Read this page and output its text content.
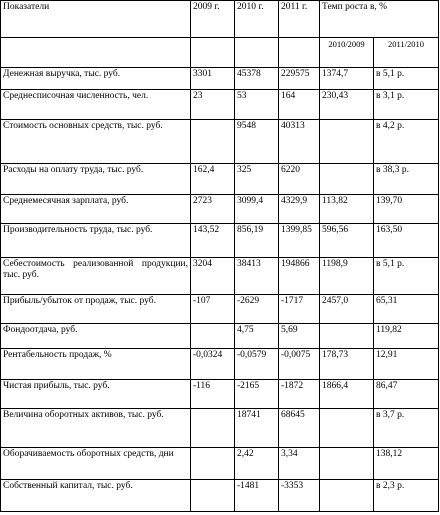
Показатели	2009 г.	2010 г.	2011 г.	Темп роста в, %	
				2010/2009	2011/2010
Денежная выручка, тыс. руб.	3301	45378	229575	1374,7	в 5,1 р.
Среднесписочная численность, чел.	23	53	164	230,43	в 3,1 р.
Стоимость основных средств, тыс. руб.		9548	40313		в 4,2 р.
Расходы на оплату труда, тыс. руб.	162,4	325	6220		в 38,3 р.
Среднемесячная зарплата, руб.	2723	3099,4	4329,9	113,82	139,70
Производительность труда, тыс. руб.	143,52	856,19	1399,85	596,56	163,50
Себестоимость реализованной продукции, тыс. руб.	3204	38413	194866	1198,9	в 5,1 р.
Прибыль/убыток от продаж, тыс. руб.	-107	-2629	-1717	2457,0	65,31
Фондоотдача, руб.		4,75	5,69		119,82
Рентабельность продаж, %	-0,0324	-0,0579	-0,0075	178,73	12,91
Чистая прибыль, тыс. руб.	-116	-2165	-1872	1866,4	86,47
Величина оборотных активов, тыс. руб.		18741	68645		в 3,7 р.
Оборачиваемость оборотных средств, дни		2,42	3,34		138,12
Собственный капитал, тыс. руб.		-1481	-3353		в 2,3 р.
